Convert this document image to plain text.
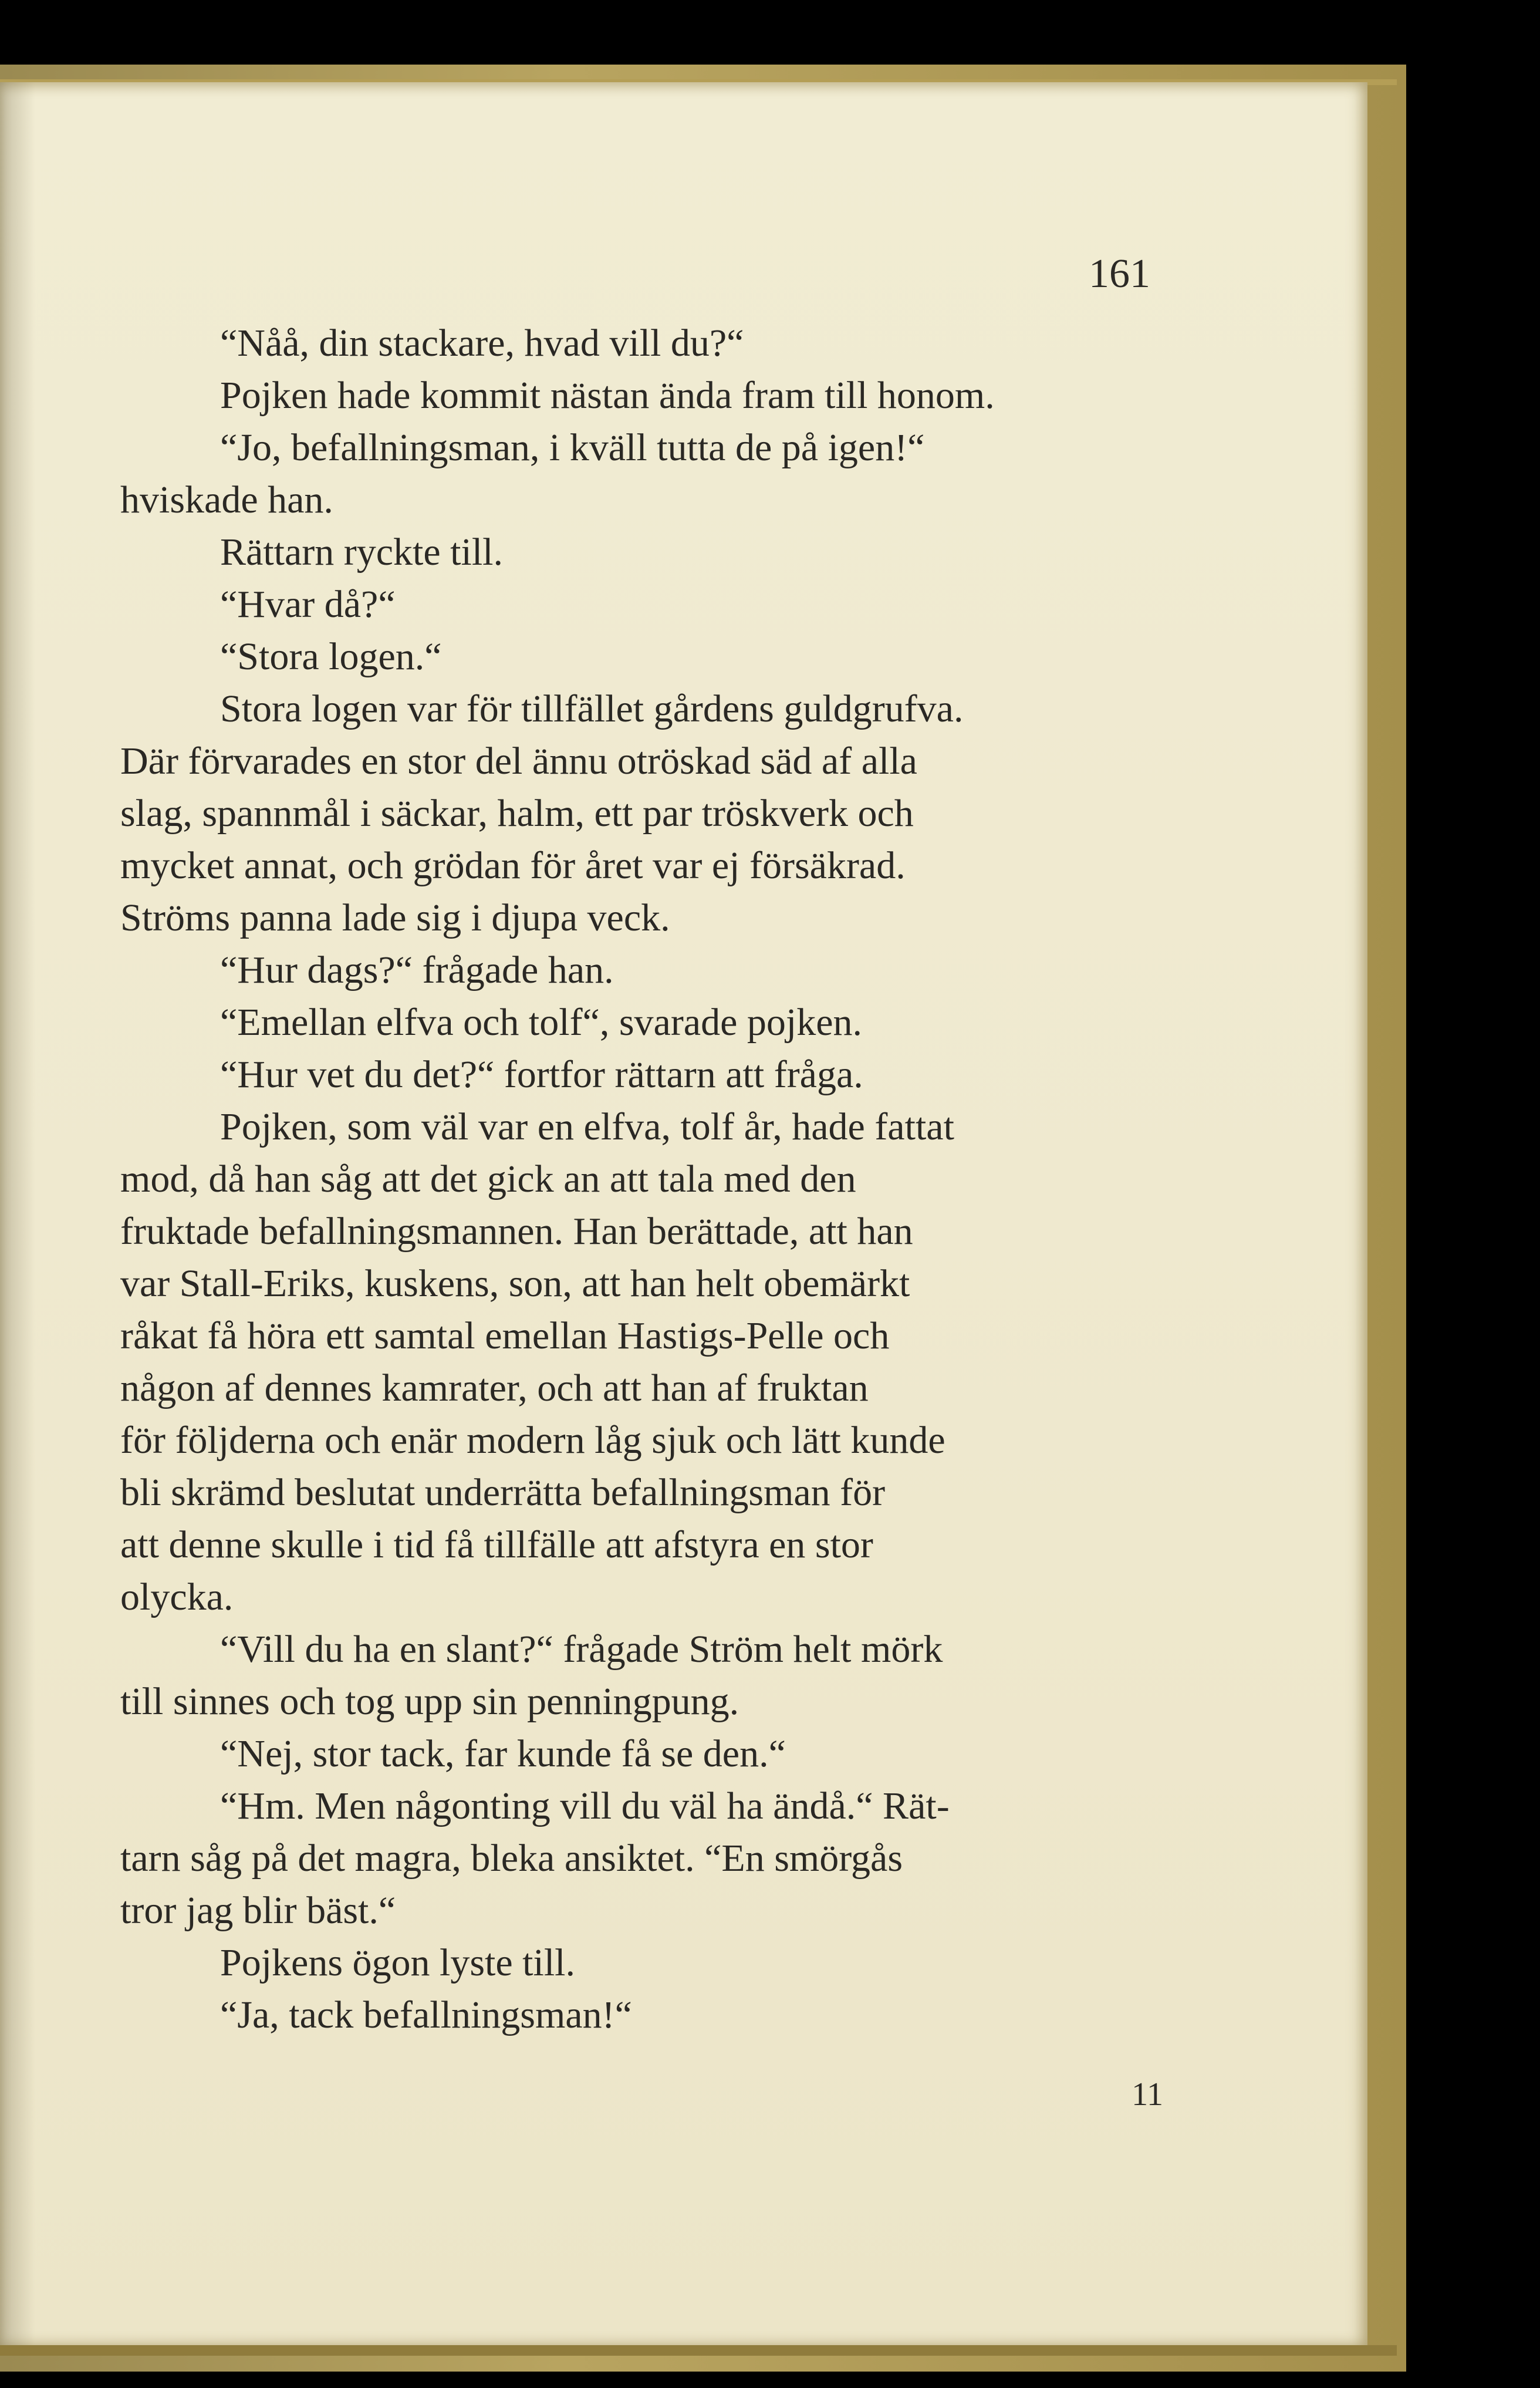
161
“Nåå, din stackare, hvad vill du?“
Pojken hade kommit nästan ända fram till honom.
“Jo, befallningsman, i kväll tutta de på igen!“
hviskade han.
Rättarn ryckte till.
“Hvar då?“
“Stora logen.“
Stora logen var för tillfället gårdens guldgrufva.
Där förvarades en stor del ännu otröskad säd af alla
slag, spannmål i säckar, halm, ett par tröskverk och
mycket annat, och grödan för året var ej försäkrad.
Ströms panna lade sig i djupa veck.
“Hur dags?“ frågade han.
“Emellan elfva och tolf“, svarade pojken.
“Hur vet du det?“ fortfor rättarn att fråga.
Pojken, som väl var en elfva, tolf år, hade fattat
mod, då han såg att det gick an att tala med den
fruktade befallningsmannen. Han berättade, att han
var Stall-Eriks, kuskens, son, att han helt obemärkt
råkat få höra ett samtal emellan Hastigs-Pelle och
någon af dennes kamrater, och att han af fruktan
för följderna och enär modern låg sjuk och lätt kunde
bli skrämd beslutat underrätta befallningsman för
att denne skulle i tid få tillfälle att afstyra en stor
olycka.
“Vill du ha en slant?“ frågade Ström helt mörk
till sinnes och tog upp sin penningpung.
“Nej, stor tack, far kunde få se den.“
“Hm. Men någonting vill du väl ha ändå.“ Rät-
tarn såg på det magra, bleka ansiktet. “En smörgås
tror jag blir bäst.“
Pojkens ögon lyste till.
“Ja, tack befallningsman!“
11
